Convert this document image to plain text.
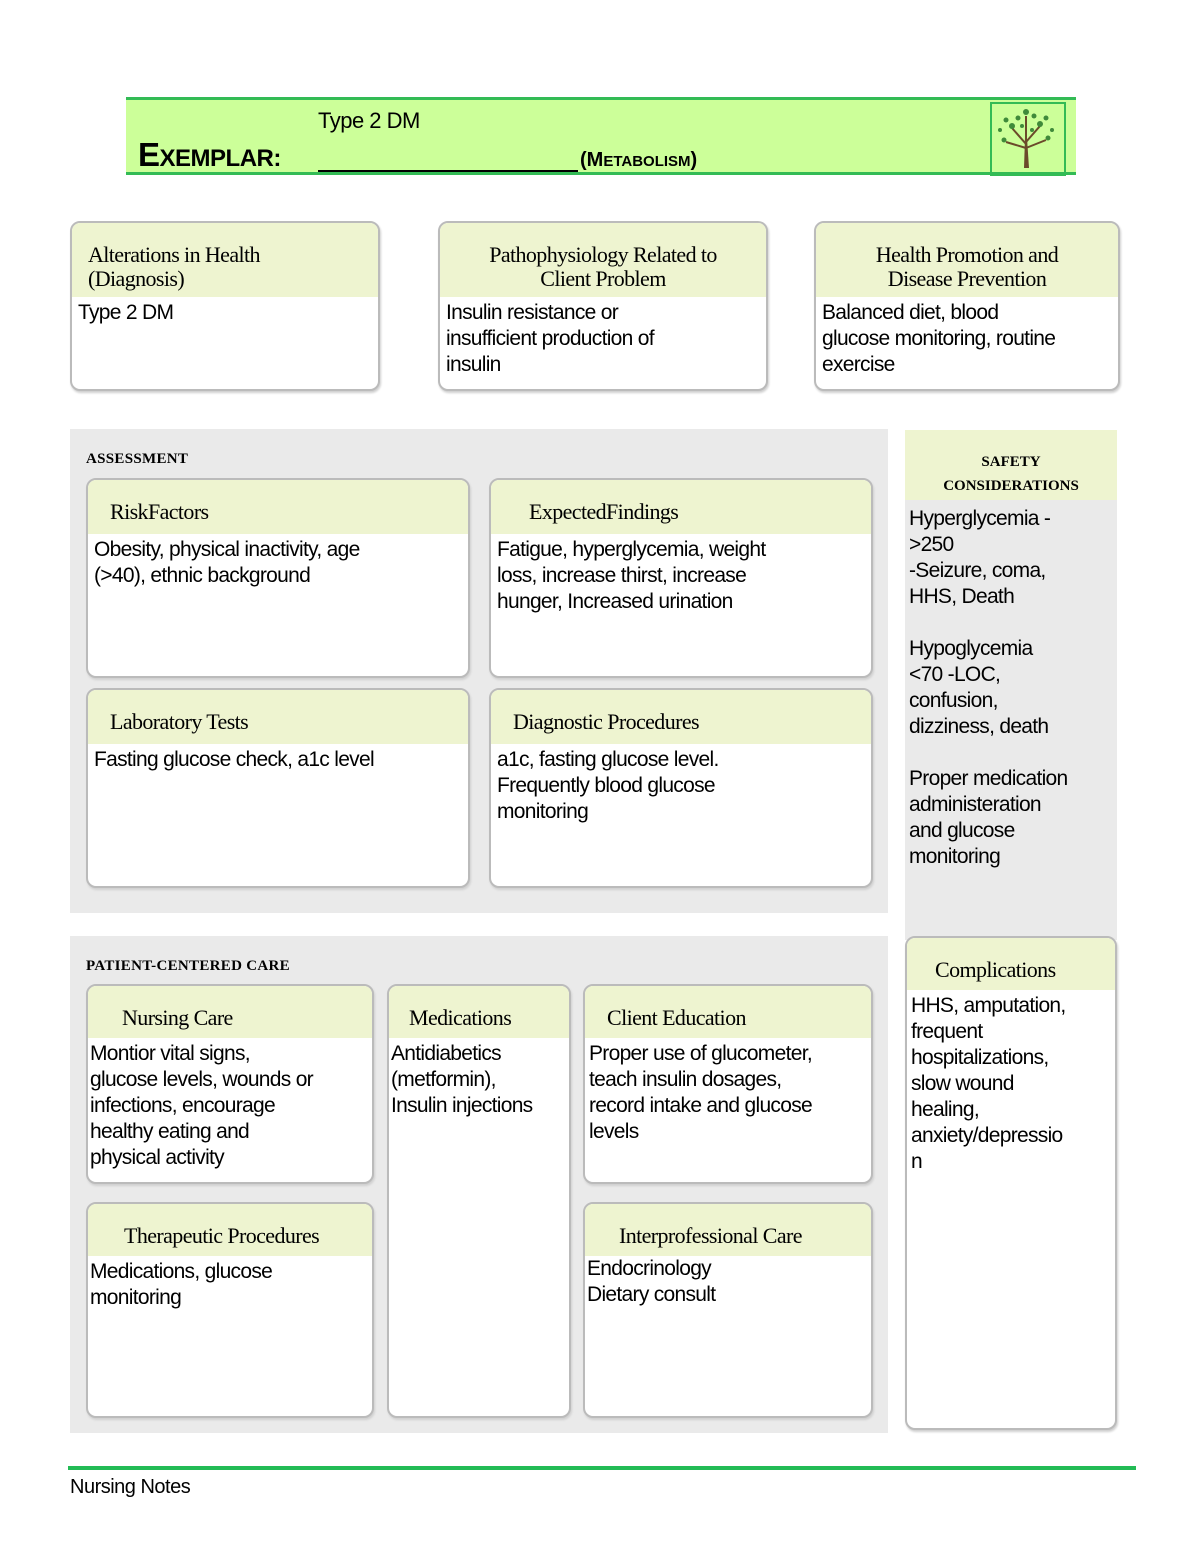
Type 2 DM
EXEMPLAR:	(METABOLISM)
Alterations in Health
(Diagnosis)
Type 2 DM
Pathophysiology Related to
Client Problem
Insulin resistance or
insufficient production of
insulin
Health Promotion and
Disease Prevention
Balanced diet, blood
glucose monitoring, routine
exercise
ASSESSMENT
RiskFactors
Obesity, physical inactivity, age
(>40), ethnic background
ExpectedFindings
Fatigue, hyperglycemia, weight
loss, increase thirst, increase
hunger, Increased urination
Laboratory Tests
Fasting glucose check, a1c level
Diagnostic Procedures
a1c, fasting glucose level.
Frequently blood glucose
monitoring
SAFETY
CONSIDERATIONS
Hyperglycemia -
>250
-Seizure, coma,
HHS, Death

Hypoglycemia
<70 -LOC,
confusion,
dizziness, death

Proper medication
administeration
and glucose
monitoring
PATIENT-CENTERED CARE
Nursing Care
Montior vital signs,
glucose levels, wounds or
infections, encourage
healthy eating and
physical activity
Medications
Antidiabetics
(metformin),
Insulin injections
Client Education
Proper use of glucometer,
teach insulin dosages,
record intake and glucose
levels
Therapeutic Procedures
Medications, glucose
monitoring
Interprofessional Care
Endocrinology
Dietary consult
Complications
HHS, amputation,
frequent
hospitalizations,
slow wound
healing,
anxiety/depressio
n
Nursing Notes
